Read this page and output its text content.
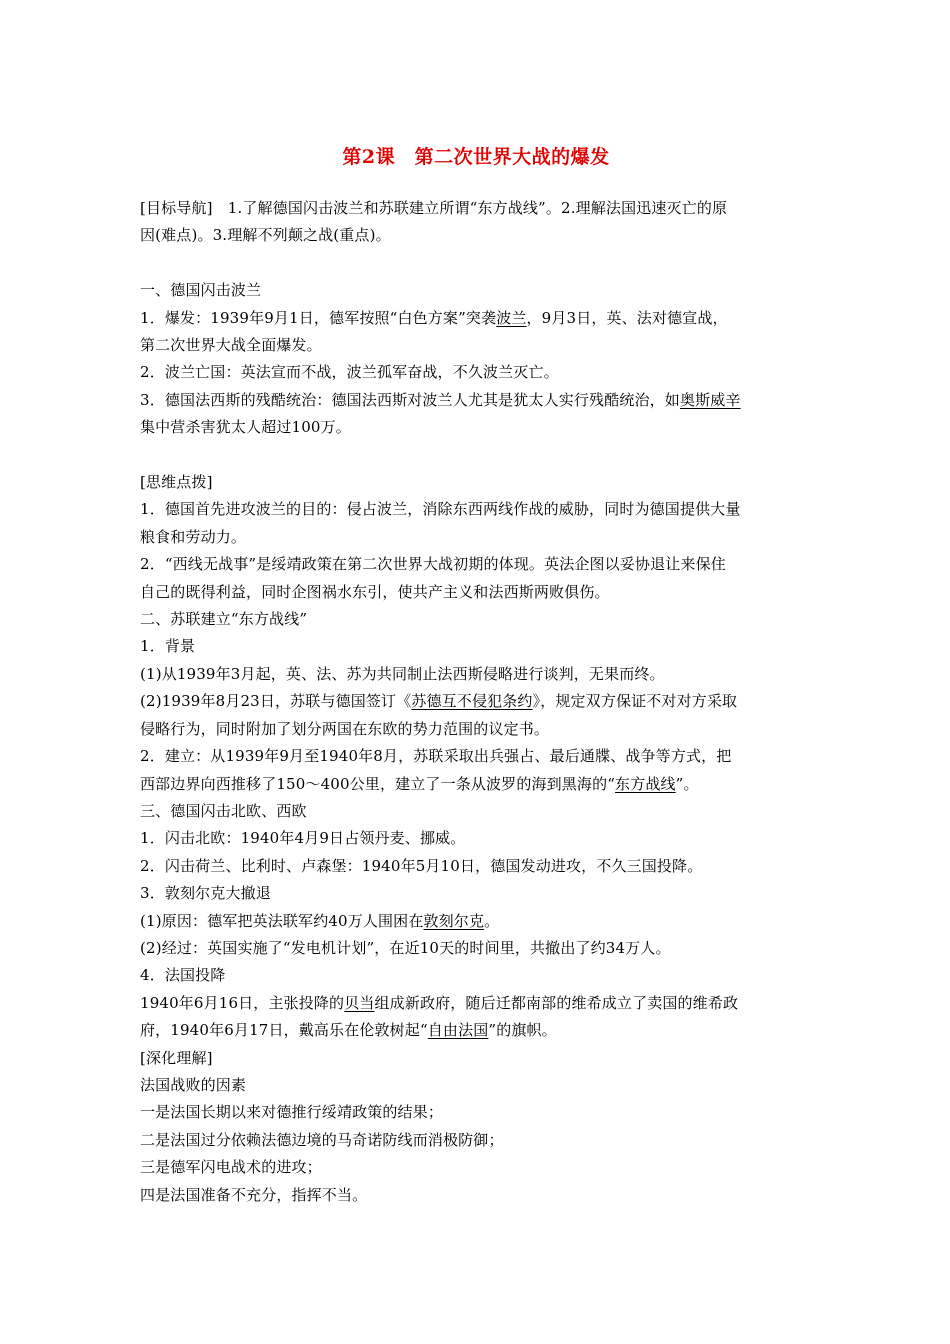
第2课　第二次世界大战的爆发
[目标导航]　1.了解德国闪击波兰和苏联建立所谓“东方战线”。2.理解法国迅速灭亡的原
因(难点)。3.理解不列颠之战(重点)。
一、德国闪击波兰
1．爆发：1939年9月1日，德军按照“白色方案”突袭波兰，9月3日，英、法对德宣战，
第二次世界大战全面爆发。
2．波兰亡国：英法宣而不战，波兰孤军奋战，不久波兰灭亡。
3．德国法西斯的残酷统治：德国法西斯对波兰人尤其是犹太人实行残酷统治，如奥斯威辛
集中营杀害犹太人超过100万。
[思维点拨]
1．德国首先进攻波兰的目的：侵占波兰，消除东西两线作战的威胁，同时为德国提供大量
粮食和劳动力。
2．“西线无战事”是绥靖政策在第二次世界大战初期的体现。英法企图以妥协退让来保住
自己的既得利益，同时企图祸水东引，使共产主义和法西斯两败俱伤。
二、苏联建立“东方战线”
1．背景
(1)从1939年3月起，英、法、苏为共同制止法西斯侵略进行谈判，无果而终。
(2)1939年8月23日，苏联与德国签订《苏德互不侵犯条约》，规定双方保证不对对方采取
侵略行为，同时附加了划分两国在东欧的势力范围的议定书。
2．建立：从1939年9月至1940年8月，苏联采取出兵强占、最后通牒、战争等方式，把
西部边界向西推移了150～400公里，建立了一条从波罗的海到黑海的“东方战线”。
三、德国闪击北欧、西欧
1．闪击北欧：1940年4月9日占领丹麦、挪威。
2．闪击荷兰、比利时、卢森堡：1940年5月10日，德国发动进攻，不久三国投降。
3．敦刻尔克大撤退
(1)原因：德军把英法联军约40万人围困在敦刻尔克。
(2)经过：英国实施了“发电机计划”，在近10天的时间里，共撤出了约34万人。
4．法国投降
1940年6月16日，主张投降的贝当组成新政府，随后迁都南部的维希成立了卖国的维希政
府，1940年6月17日，戴高乐在伦敦树起“自由法国”的旗帜。
[深化理解]
法国战败的因素
一是法国长期以来对德推行绥靖政策的结果；
二是法国过分依赖法德边境的马奇诺防线而消极防御；
三是德军闪电战术的进攻；
四是法国准备不充分，指挥不当。
